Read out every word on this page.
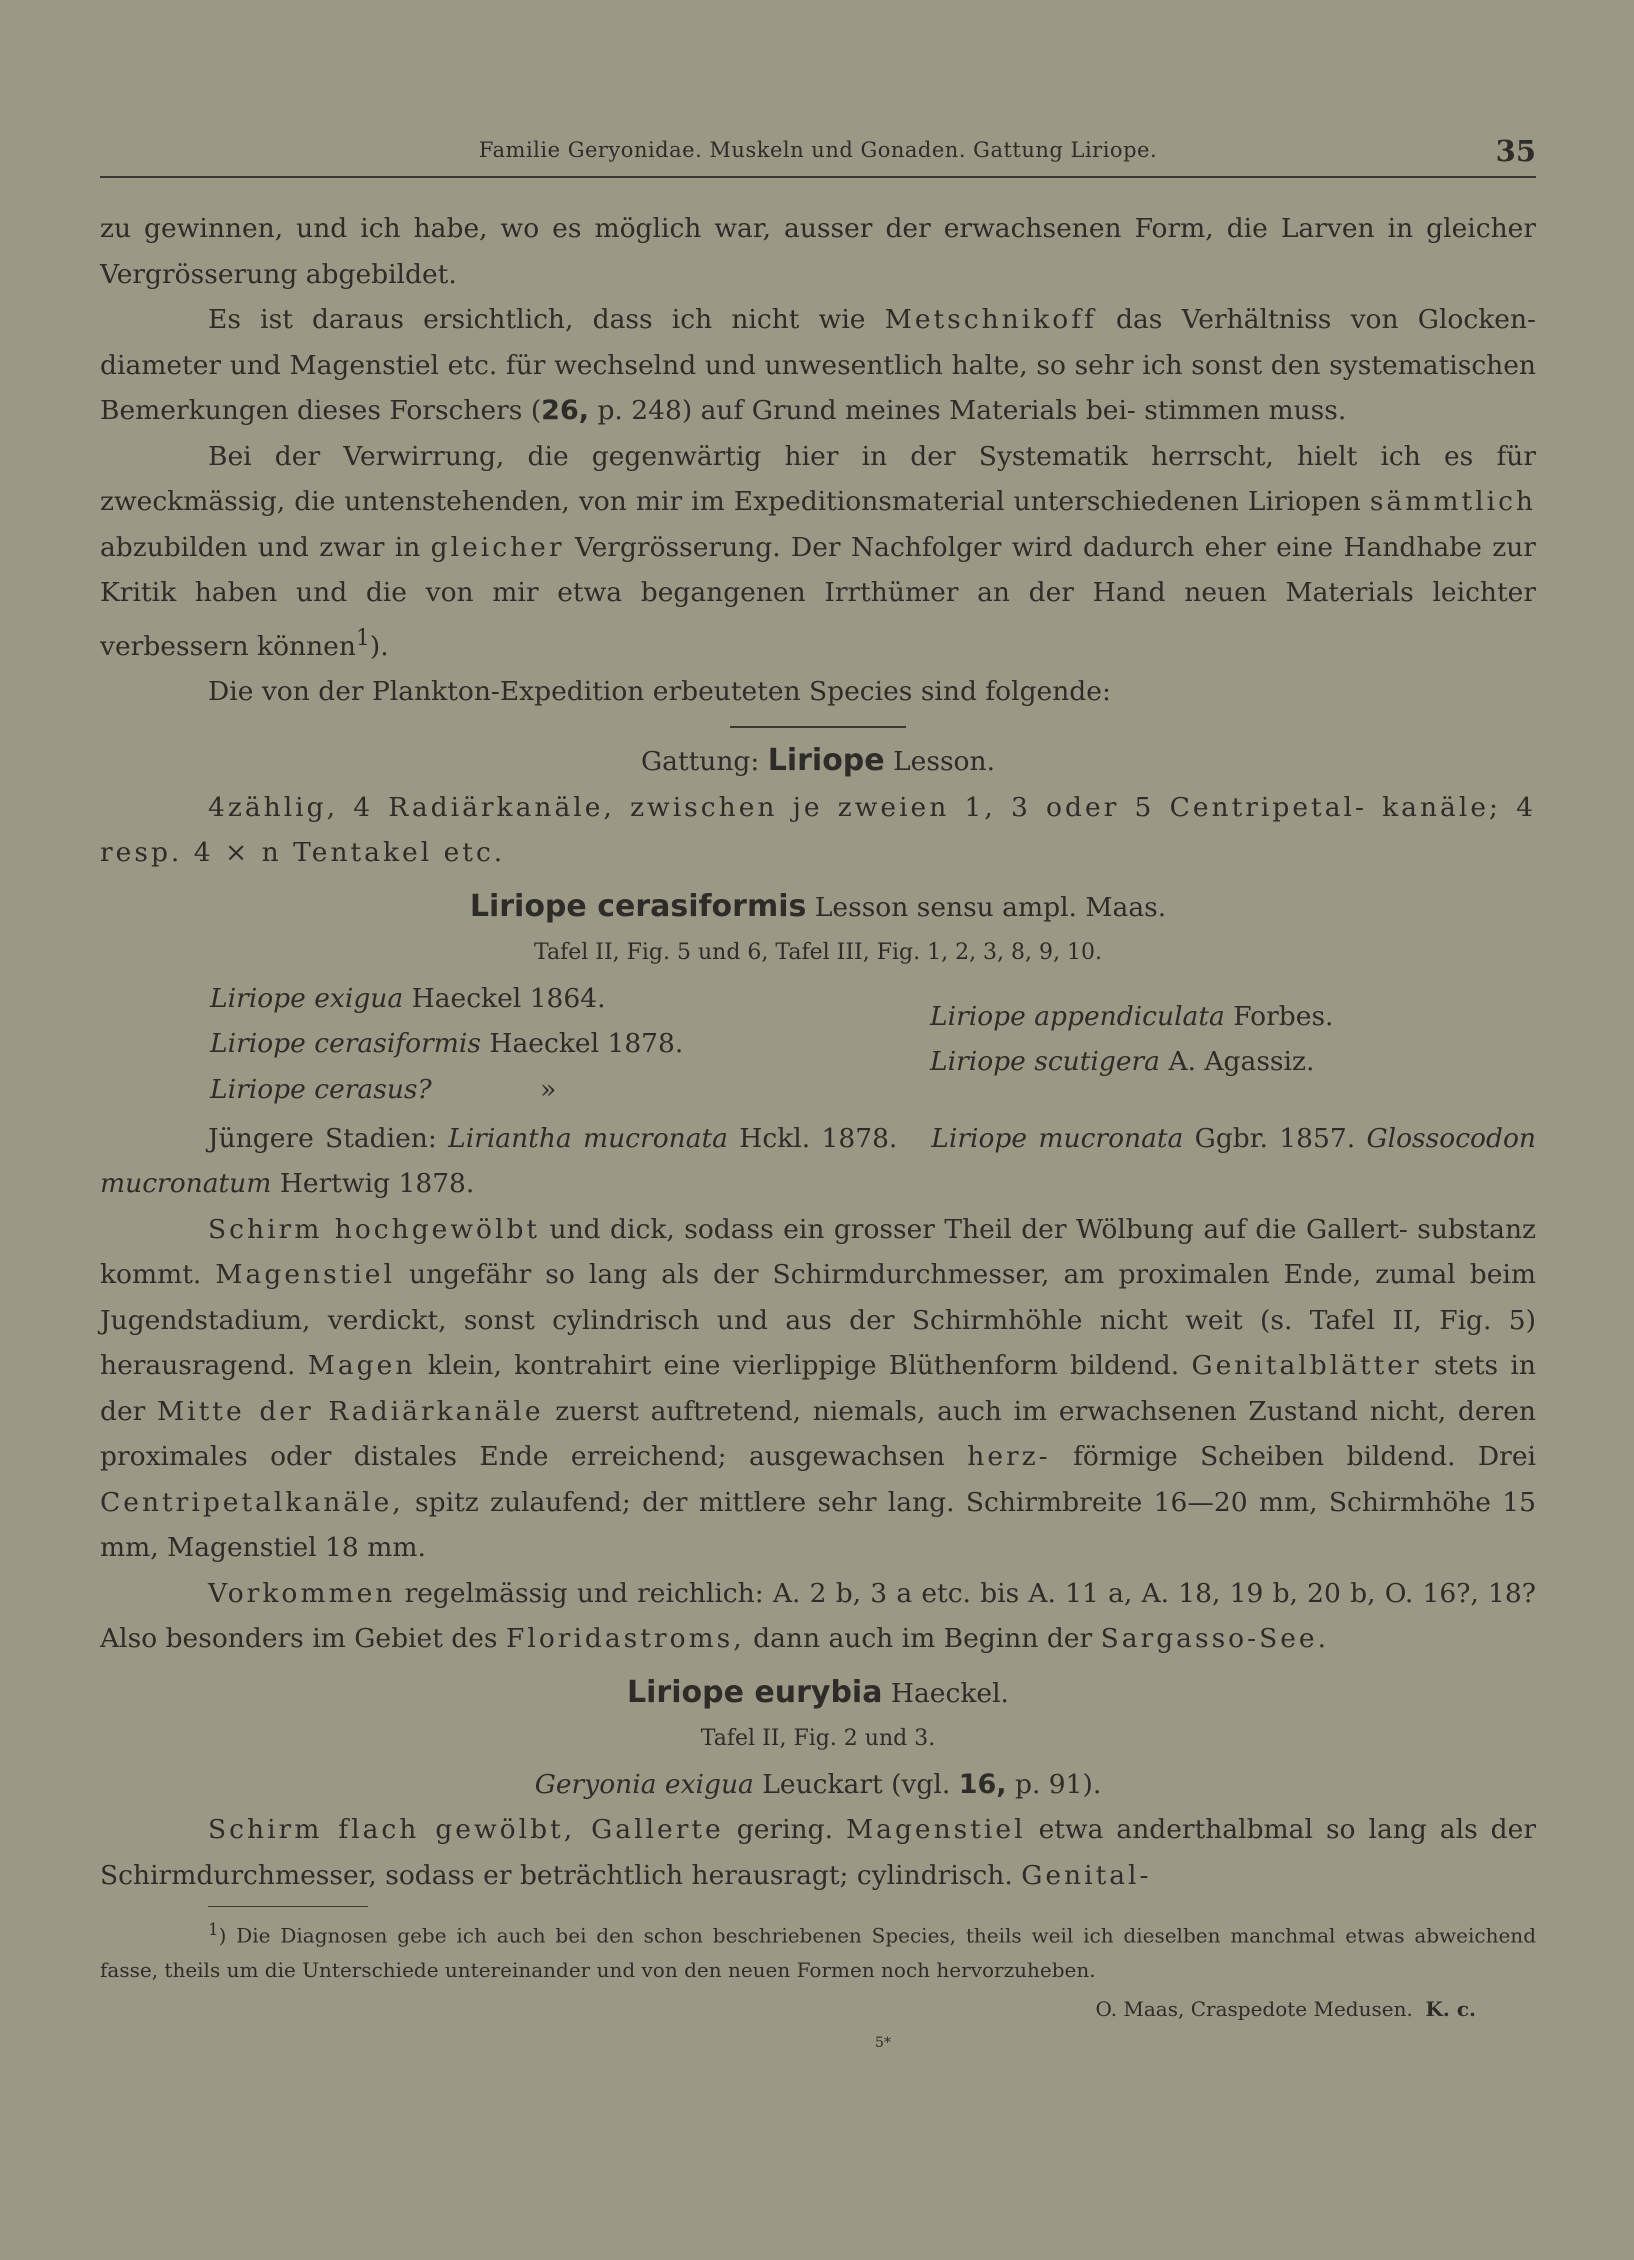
Familie Geryonidae. Muskeln und Gonaden. Gattung Liriope.	35

zu gewinnen, und ich habe, wo es möglich war, ausser der erwachsenen Form, die Larven in gleicher Vergrösserung abgebildet.

Es ist daraus ersichtlich, dass ich nicht wie Metschnikoff das Verhältniss von Glocken- diameter und Magenstiel etc. für wechselnd und unwesentlich halte, so sehr ich sonst den systematischen Bemerkungen dieses Forschers (26, p. 248) auf Grund meines Materials bei- stimmen muss.

Bei der Verwirrung, die gegenwärtig hier in der Systematik herrscht, hielt ich es für zweckmässig, die untenstehenden, von mir im Expeditionsmaterial unterschiedenen Liriopen sämmtlich abzubilden und zwar in gleicher Vergrösserung. Der Nachfolger wird dadurch eher eine Handhabe zur Kritik haben und die von mir etwa begangenen Irrthümer an der Hand neuen Materials leichter verbessern können$^1$).

Die von der Plankton-Expedition erbeuteten Species sind folgende:

Gattung: Liriope Lesson.

4zählig, 4 Radiärkanäle, zwischen je zweien 1, 3 oder 5 Centripetal- kanäle; 4 resp. 4 × n Tentakel etc.

Liriope cerasiformis Lesson sensu ampl. Maas.

Tafel II, Fig. 5 und 6, Tafel III, Fig. 1, 2, 3, 8, 9, 10.

Liriope exigua Haeckel 1864.
Liriope cerasiformis Haeckel 1878.
Liriope cerasus?	»
Liriope appendiculata Forbes.
Liriope scutigera A. Agassiz.

Jüngere Stadien: Liriantha mucronata Hckl. 1878. Liriope mucronata Ggbr. 1857. Glossocodon mucronatum Hertwig 1878.

Schirm hochgewölbt und dick, sodass ein grosser Theil der Wölbung auf die Gallert- substanz kommt. Magenstiel ungefähr so lang als der Schirmdurchmesser, am proximalen Ende, zumal beim Jugendstadium, verdickt, sonst cylindrisch und aus der Schirmhöhle nicht weit (s. Tafel II, Fig. 5) herausragend. Magen klein, kontrahirt eine vierlippige Blüthenform bildend. Genitalblätter stets in der Mitte der Radiärkanäle zuerst auftretend, niemals, auch im erwachsenen Zustand nicht, deren proximales oder distales Ende erreichend; ausgewachsen herz- förmige Scheiben bildend. Drei Centripetalkanäle, spitz zulaufend; der mittlere sehr lang. Schirmbreite 16—20 mm, Schirmhöhe 15 mm, Magenstiel 18 mm.

Vorkommen regelmässig und reichlich: A. 2 b, 3 a etc. bis A. 11 a, A. 18, 19 b, 20 b, O. 16?, 18? Also besonders im Gebiet des Floridastroms, dann auch im Beginn der Sargasso-See.

Liriope eurybia Haeckel.

Tafel II, Fig. 2 und 3.

Geryonia exigua Leuckart (vgl. 16, p. 91).

Schirm flach gewölbt, Gallerte gering. Magenstiel etwa anderthalbmal so lang als der Schirmdurchmesser, sodass er beträchtlich herausragt; cylindrisch. Genital-

$^1$) Die Diagnosen gebe ich auch bei den schon beschriebenen Species, theils weil ich dieselben manchmal etwas abweichend fasse, theils um die Unterschiede untereinander und von den neuen Formen noch hervorzuheben.

O. Maas, Craspedote Medusen. K. c.

5*
